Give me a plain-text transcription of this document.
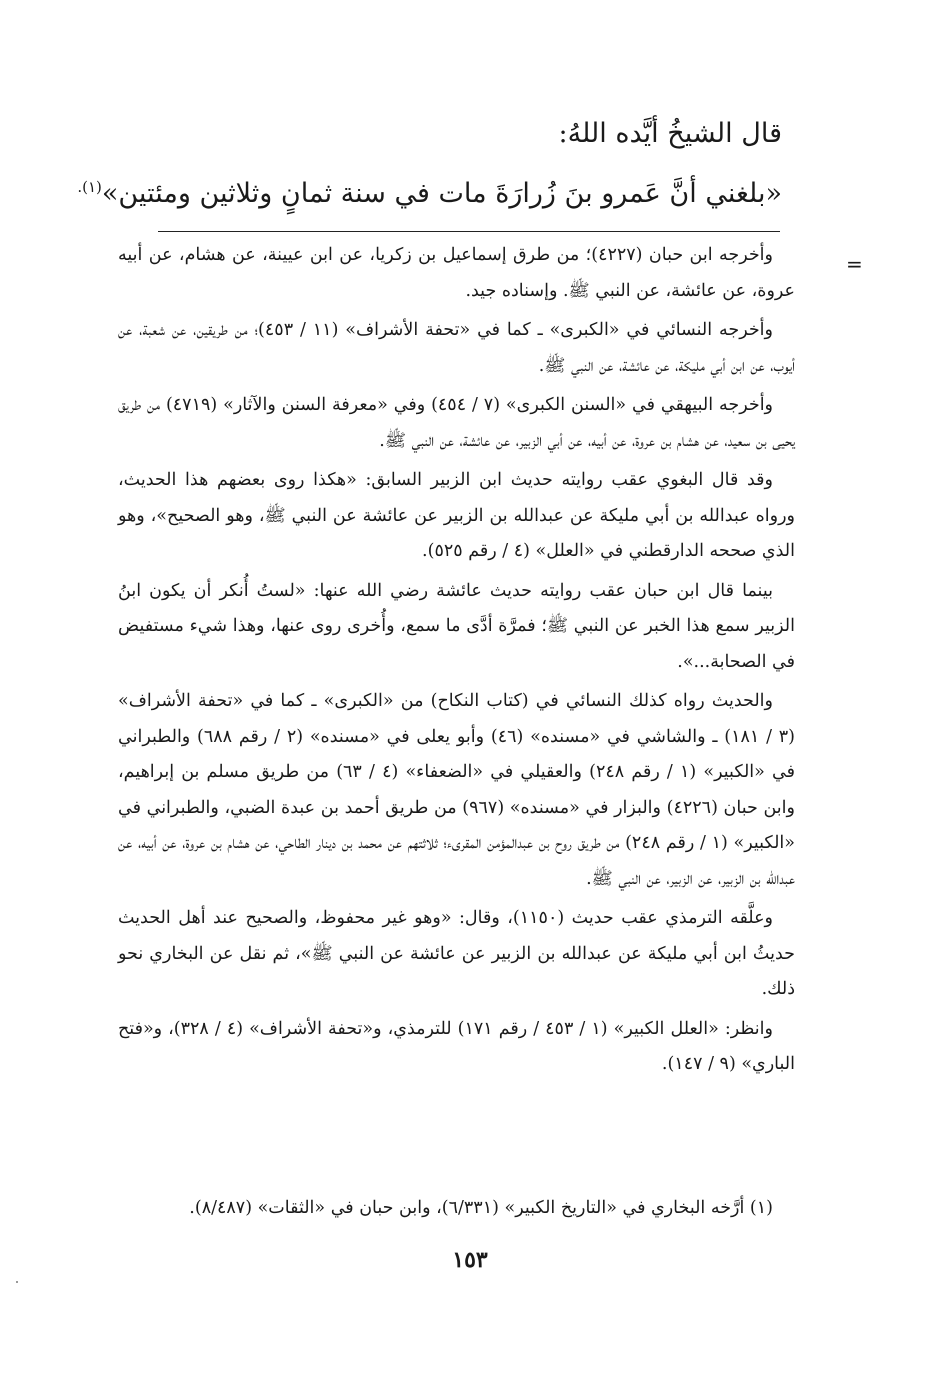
قال الشيخُ أيَّده اللهُ:
«بلغني أنَّ عَمرو بنَ زُرارَةَ مات في سنة ثمانٍ وثلاثين ومئتين»$^{(١).}$
=

وأخرجه ابن حبان (٤٢٢٧)؛ من طرق إسماعيل بن زكريا، عن ابن عيينة، عن هشام، عن أبيه عروة، عن عائشة، عن النبي ﷺ. وإسناده جيد.

وأخرجه النسائي في «الكبرى» ـ كما في «تحفة الأشراف» (١١ / ٤٥٣)؛ من طريقين، عن شعبة، عن أيوب، عن ابن أبي مليكة، عن عائشة، عن النبي ﷺ.

وأخرجه البيهقي في «السنن الكبرى» (٧ / ٤٥٤) وفي «معرفة السنن والآثار» (٤٧١٩) من طريق يحيى بن سعيد، عن هشام بن عروة، عن أبيه، عن أبي الزبير، عن عائشة، عن النبي ﷺ.

وقد قال البغوي عقب روايته حديث ابن الزبير السابق: «هكذا روى بعضهم هذا الحديث، ورواه عبدالله بن أبي مليكة عن عبدالله بن الزبير عن عائشة عن النبي ﷺ، وهو الصحيح»، وهو الذي صححه الدارقطني في «العلل» (٤ / رقم ٥٢٥).

بينما قال ابن حبان عقب روايته حديث عائشة رضي الله عنها: «لستُ أُنكر أن يكون ابنُ الزبير سمع هذا الخبر عن النبي ﷺ؛ فمرَّة أدَّى ما سمع، وأُخرى روى عنها، وهذا شيء مستفيض في الصحابة...».

والحديث رواه كذلك النسائي في (كتاب النكاح) من «الكبرى» ـ كما في «تحفة الأشراف» (٣ / ١٨١) ـ والشاشي في «مسنده» (٤٦) وأبو يعلى في «مسنده» (٢ / رقم ٦٨٨) والطبراني في «الكبير» (١ / رقم ٢٤٨) والعقيلي في «الضعفاء» (٤ / ٦٣) من طريق مسلم بن إبراهيم، وابن حبان (٤٢٢٦) والبزار في «مسنده» (٩٦٧) من طريق أحمد بن عبدة الضبي، والطبراني في «الكبير» (١ / رقم ٢٤٨) من طريق روح بن عبدالمؤمن المقرىء؛ ثلاثتهم عن محمد بن دينار الطاحي، عن هشام بن عروة، عن أبيه، عن عبدالله بن الزبير، عن الزبير، عن النبي ﷺ.

وعلَّقه الترمذي عقب حديث (١١٥٠)، وقال: «وهو غير محفوظ، والصحيح عند أهل الحديث حديثُ ابن أبي مليكة عن عبدالله بن الزبير عن عائشة عن النبي ﷺ»، ثم نقل عن البخاري نحو ذلك.

وانظر: «العلل الكبير» (١ / ٤٥٣ / رقم ١٧١) للترمذي، و«تحفة الأشراف» (٤ / ٣٢٨)، و«فتح الباري» (٩ / ١٤٧).

(١) أرَّخه البخاري في «التاريخ الكبير» (٦/٣٣١)، وابن حبان في «الثقات» (٨/٤٨٧).
١٥٣
